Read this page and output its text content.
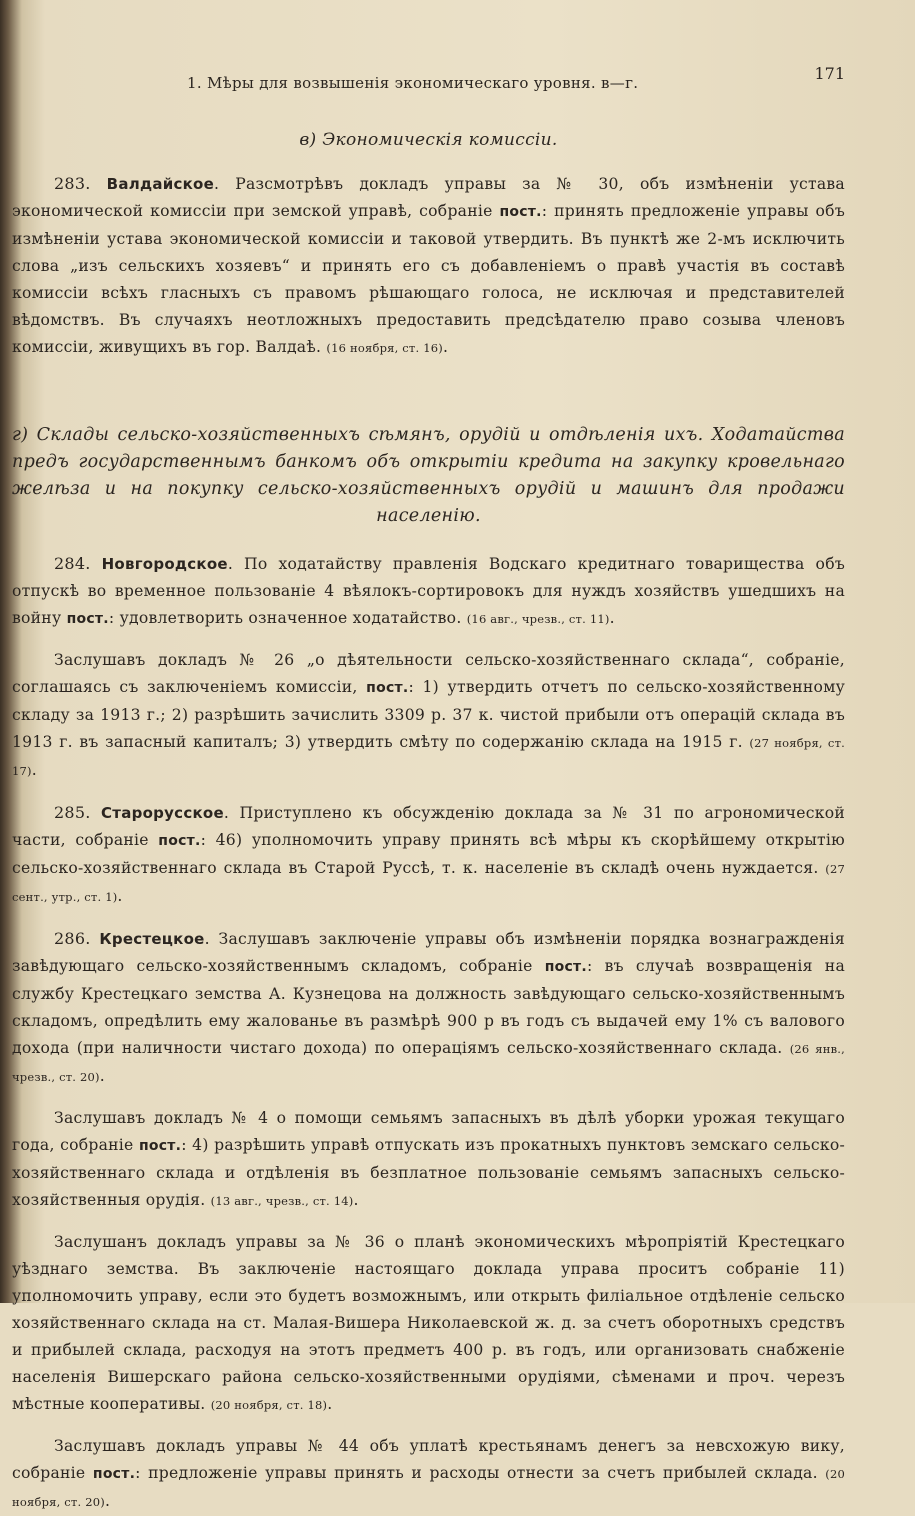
1. Мѣры для возвышенія экономическаго уровня. в—г.	171
в) Экономическія комиссіи.

283. Валдайское. Разсмотрѣвъ докладъ управы за № 30, объ измѣненіи устава экономической комиссіи при земской управѣ, собраніе пост.: принять предложеніе управы объ измѣненіи устава экономической комиссіи и таковой утвердить. Въ пунктѣ же 2-мъ исключить слова „изъ сельскихъ хозяевъ“ и принять его съ добавленіемъ о правѣ участія въ составѣ комиссіи всѣхъ гласныхъ съ правомъ рѣшающаго голоса, не исключая и представителей вѣдомствъ. Въ случаяхъ неотложныхъ предоставить предсѣдателю право созыва членовъ комиссіи, живущихъ въ гор. Валдаѣ. (16 ноября, ст. 16).

г) Склады сельско-хозяйственныхъ сѣмянъ, орудій и отдѣленія ихъ. Ходатайства предъ государственнымъ банкомъ объ открытіи кредита на закупку кровельнаго желѣза и на покупку сельско-хозяйственныхъ орудій и машинъ для продажи населенію.

284. Новгородское. По ходатайству правленія Водскаго кредитнаго товарищества объ отпускѣ во временное пользованіе 4 вѣялокъ-сортировокъ для нуждъ хозяйствъ ушедшихъ на войну пост.: удовлетворить означенное ходатайство. (16 авг., чрезв., ст. 11).

Заслушавъ докладъ № 26 „о дѣятельности сельско-хозяйственнаго склада“, собраніе, соглашаясь съ заключеніемъ комиссіи, пост.: 1) утвердить отчетъ по сельско-хозяйственному складу за 1913 г.; 2) разрѣшить зачислить 3309 р. 37 к. чистой прибыли отъ операцій склада въ 1913 г. въ запасный капиталъ; 3) утвердить смѣту по содержанію склада на 1915 г. (27 ноября, ст. 17).

285. Старорусское. Приступлено къ обсужденію доклада за № 31 по агрономической части, собраніе пост.: 46) уполномочить управу принять всѣ мѣры къ скорѣйшему открытію сельско-хозяйственнаго склада въ Старой Руссѣ, т. к. населеніе въ складѣ очень нуждается. (27 сент., утр., ст. 1).

286. Крестецкое. Заслушавъ заключеніе управы объ измѣненіи порядка вознагражденія завѣдующаго сельско-хозяйственнымъ складомъ, собраніе пост.: въ случаѣ возвращенія на службу Крестецкаго земства А. Кузнецова на должность завѣдующаго сельско-хозяйственнымъ складомъ, опредѣлить ему жалованье въ размѣрѣ 900 р въ годъ съ выдачей ему 1% съ валового дохода (при наличности чистаго дохода) по операціямъ сельско-хозяйственнаго склада. (26 янв., чрезв., ст. 20).

Заслушавъ докладъ № 4 о помощи семьямъ запасныхъ въ дѣлѣ уборки урожая текущаго года, собраніе пост.: 4) разрѣшить управѣ отпускать изъ прокатныхъ пунктовъ земскаго сельско-хозяйственнаго склада и отдѣленія въ безплатное пользованіе семьямъ запасныхъ сельско-хозяйственныя орудія. (13 авг., чрезв., ст. 14).

Заслушанъ докладъ управы за № 36 о планѣ экономическихъ мѣропріятій Крестецкаго уѣзднаго земства. Въ заключеніе настоящаго доклада управа проситъ собраніе 11) уполномочить управу, если это будетъ возможнымъ, или открыть филіальное отдѣленіе сельско хозяйственнаго склада на ст. Малая-Вишера Николаевской ж. д. за счетъ оборотныхъ средствъ и прибылей склада, расходуя на этотъ предметъ 400 р. въ годъ, или организовать снабженіе населенія Вишерскаго района сельско-хозяйственными орудіями, сѣменами и проч. черезъ мѣстные кооперативы. (20 ноября, ст. 18).

Заслушавъ докладъ управы № 44 объ уплатѣ крестьянамъ денегъ за невсхожую вику, собраніе пост.: предложеніе управы принять и расходы отнести за счетъ прибылей склада. (20 ноября, ст. 20).
